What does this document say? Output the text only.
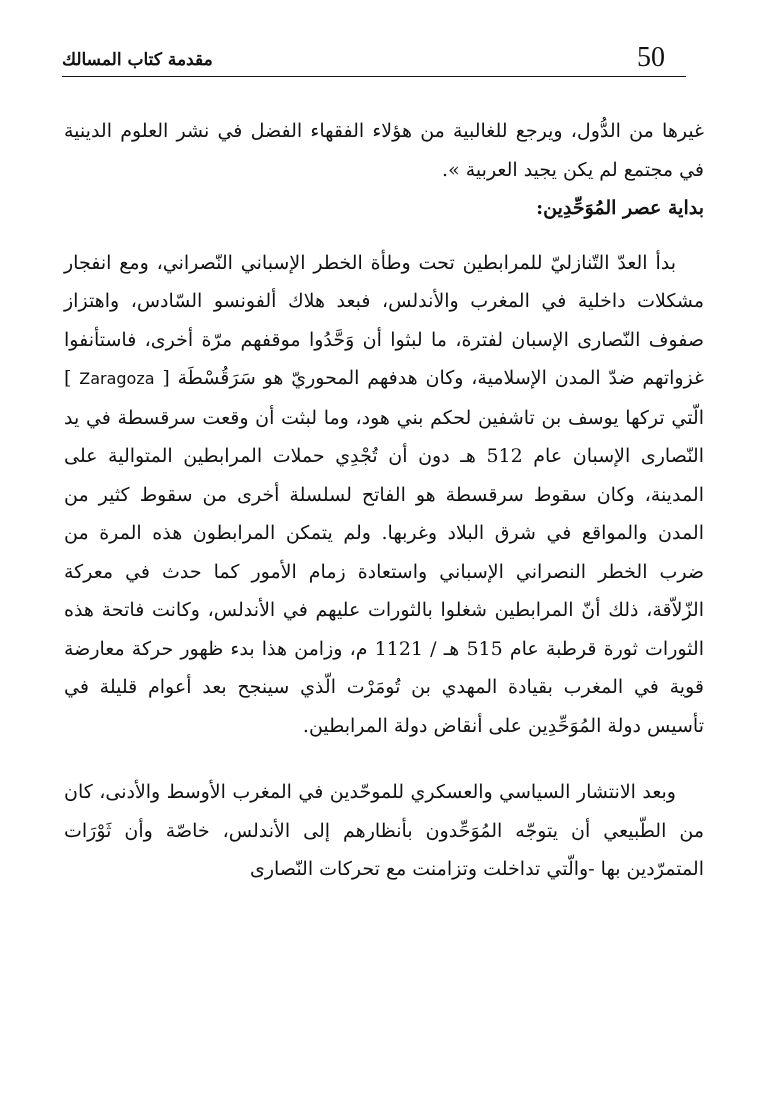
مقدمة كتاب المسالك	50

غيرها من الدُّول، ويرجع للغالبية من هؤلاء الفقهاء الفضل في نشر العلوم الدينية في مجتمع لم يكن يجيد العربية ».

بداية عصر المُوَحِّدِين:

بدأ العدّ التّنازليّ للمرابطين تحت وطأة الخطر الإسباني النّصراني، ومع انفجار مشكلات داخلية في المغرب والأندلس، فبعد هلاك ألفونسو السّادس، واهتزاز صفوف النّصارى الإسبان لفترة، ما لبثوا أن وَحَّدُوا موقفهم مرّة أخرى، فاستأنفوا غزواتهم ضدّ المدن الإسلامية، وكان هدفهم المحوريّ هو سَرَقُسْطَة [ Zaragoza ] الّتي تركها يوسف بن تاشفين لحكم بني هود، وما لبثت أن وقعت سرقسطة في يد النّصارى الإسبان عام 512 هـ دون أن تُجْدِي حملات المرابطين المتوالية على المدينة، وكان سقوط سرقسطة هو الفاتح لسلسلة أخرى من سقوط كثير من المدن والمواقع في شرق البلاد وغربها. ولم يتمكن المرابطون هذه المرة من ضرب الخطر النصراني الإسباني واستعادة زمام الأمور كما حدث في معركة الزّلاّقة، ذلك أنّ المرابطين شغلوا بالثورات عليهم في الأندلس، وكانت فاتحة هذه الثورات ثورة قرطبة عام 515 هـ / 1121 م، وزامن هذا بدء ظهور حركة معارضة قوية في المغرب بقيادة المهدي بن تُومَرْت الّذي سينجح بعد أعوام قليلة في تأسيس دولة المُوَحِّدِين على أنقاض دولة المرابطين.

وبعد الانتشار السياسي والعسكري للموحّدين في المغرب الأوسط والأدنى، كان من الطّبيعي أن يتوجّه المُوَحِّدون بأنظارهم إلى الأندلس، خاصّة وأن ثَوْرَات المتمرّدين بها -والّتي تداخلت وتزامنت مع تحركات النّصارى
